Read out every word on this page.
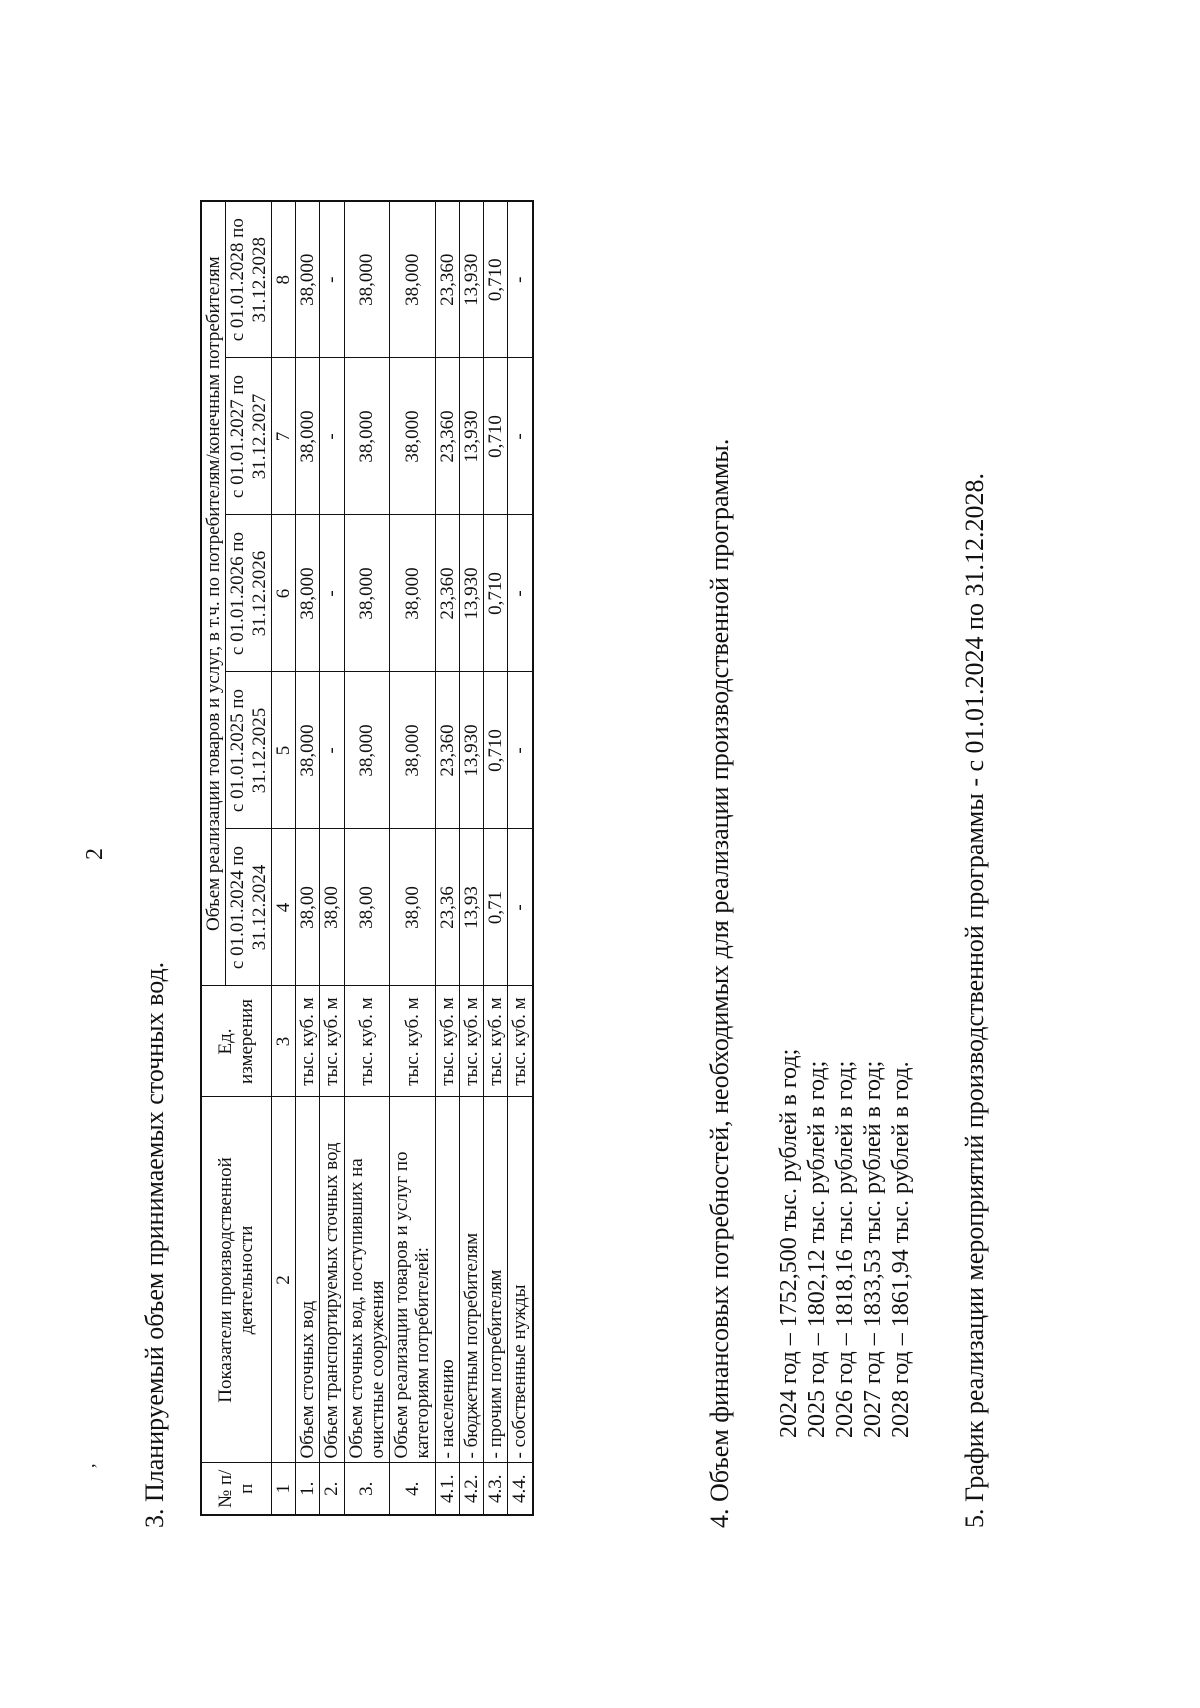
,
2
3. Планируемый объем принимаемых сточных вод. № п/п	Показатели производственной деятельности	Ед. измерения	Объем реализации товаров и услуг, в т.ч. по потребителям/конечным потребителям				
			с 01.01.2024 по 31.12.2024	с 01.01.2025 по 31.12.2025	с 01.01.2026 по 31.12.2026	с 01.01.2027 по 31.12.2027	с 01.01.2028 по 31.12.2028
1	2	3	4	5	6	7	8
1.	Объем сточных вод	тыс. куб. м	38,00	38,000	38,000	38,000	38,000
2.	Объем транспортируемых сточных вод	тыс. куб. м	38,00	-	-	-	-
3.	Объем сточных вод, поступивших на очистные сооружения	тыс. куб. м	38,00	38,000	38,000	38,000	38,000
4.	Объем реализации товаров и услуг по категориям потребителей:	тыс. куб. м	38,00	38,000	38,000	38,000	38,000
4.1.	- населению	тыс. куб. м	23,36	23,360	23,360	23,360	23,360
4.2.	- бюджетным потребителям	тыс. куб. м	13,93	13,930	13,930	13,930	13,930
4.3.	- прочим потребителям	тыс. куб. м	0,71	0,710	0,710	0,710	0,710
4.4.	- собственные нужды	тыс. куб. м	-	-	-	-	-
4. Объем финансовых потребностей, необходимых для реализации производственной программы. 2024 год – 1752,500 тыс. рублей в год; 2025 год – 1802,12 тыс. рублей в год; 2026 год – 1818,16 тыс. рублей в год; 2027 год – 1833,53 тыс. рублей в год; 2028 год – 1861,94 тыс. рублей в год. 5. График реализации мероприятий производственной программы - с 01.01.2024 по 31.12.2028.
